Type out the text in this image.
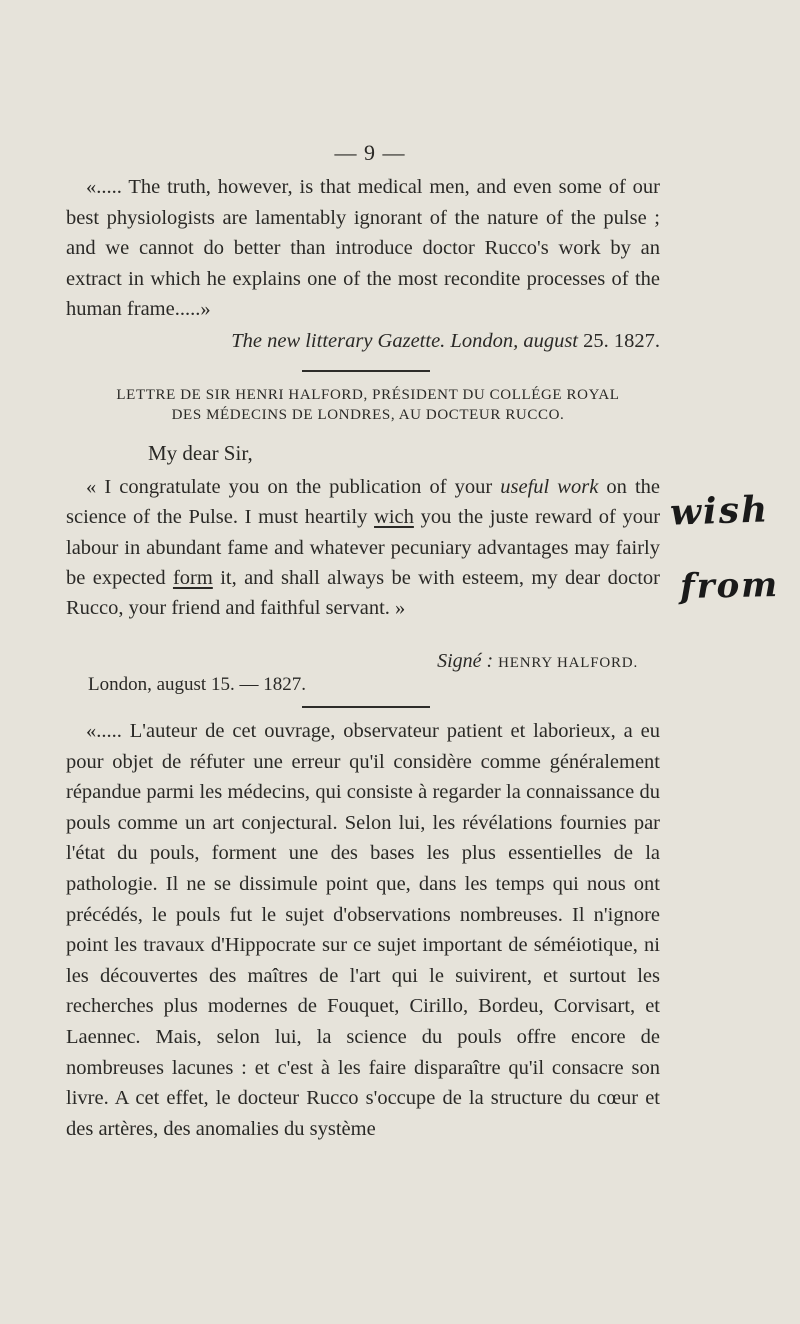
— 9 —

«..... The truth, however, is that medical men, and even some of our best physiologists are lamentably ignorant of the nature of the pulse ; and we cannot do better than introduce doctor Rucco's work by an extract in which he explains one of the most recondite processes of the human frame.....»

The new litterary Gazette. London, august 25. 1827.
LETTRE DE SIR HENRI HALFORD, PRÉSIDENT DU COLLÉGE ROYAL
DES MÉDECINS DE LONDRES, AU DOCTEUR RUCCO.
My dear Sir,

« I congratulate you on the publication of your useful work on the science of the Pulse. I must heartily wich you the juste reward of your labour in abundant fame and whatever pecuniary advantages may fairly be expected form it, and shall always be with esteem, my dear doctor Rucco, your friend and faithful servant. »

wish
from
Signé : HENRY HALFORD.
London, august 15. — 1827.

«..... L'auteur de cet ouvrage, observateur patient et laborieux, a eu pour objet de réfuter une erreur qu'il considère comme généralement répandue parmi les médecins, qui consiste à regarder la connaissance du pouls comme un art conjectural. Selon lui, les révélations fournies par l'état du pouls, forment une des bases les plus essentielles de la pathologie. Il ne se dissimule point que, dans les temps qui nous ont précédés, le pouls fut le sujet d'observations nombreuses. Il n'ignore point les travaux d'Hippocrate sur ce sujet important de séméiotique, ni les découvertes des maîtres de l'art qui le suivirent, et surtout les recherches plus modernes de Fouquet, Cirillo, Bordeu, Corvisart, et Laennec. Mais, selon lui, la science du pouls offre encore de nombreuses lacunes : et c'est à les faire disparaître qu'il consacre son livre. A cet effet, le docteur Rucco s'occupe de la structure du cœur et des artères, des anomalies du système
